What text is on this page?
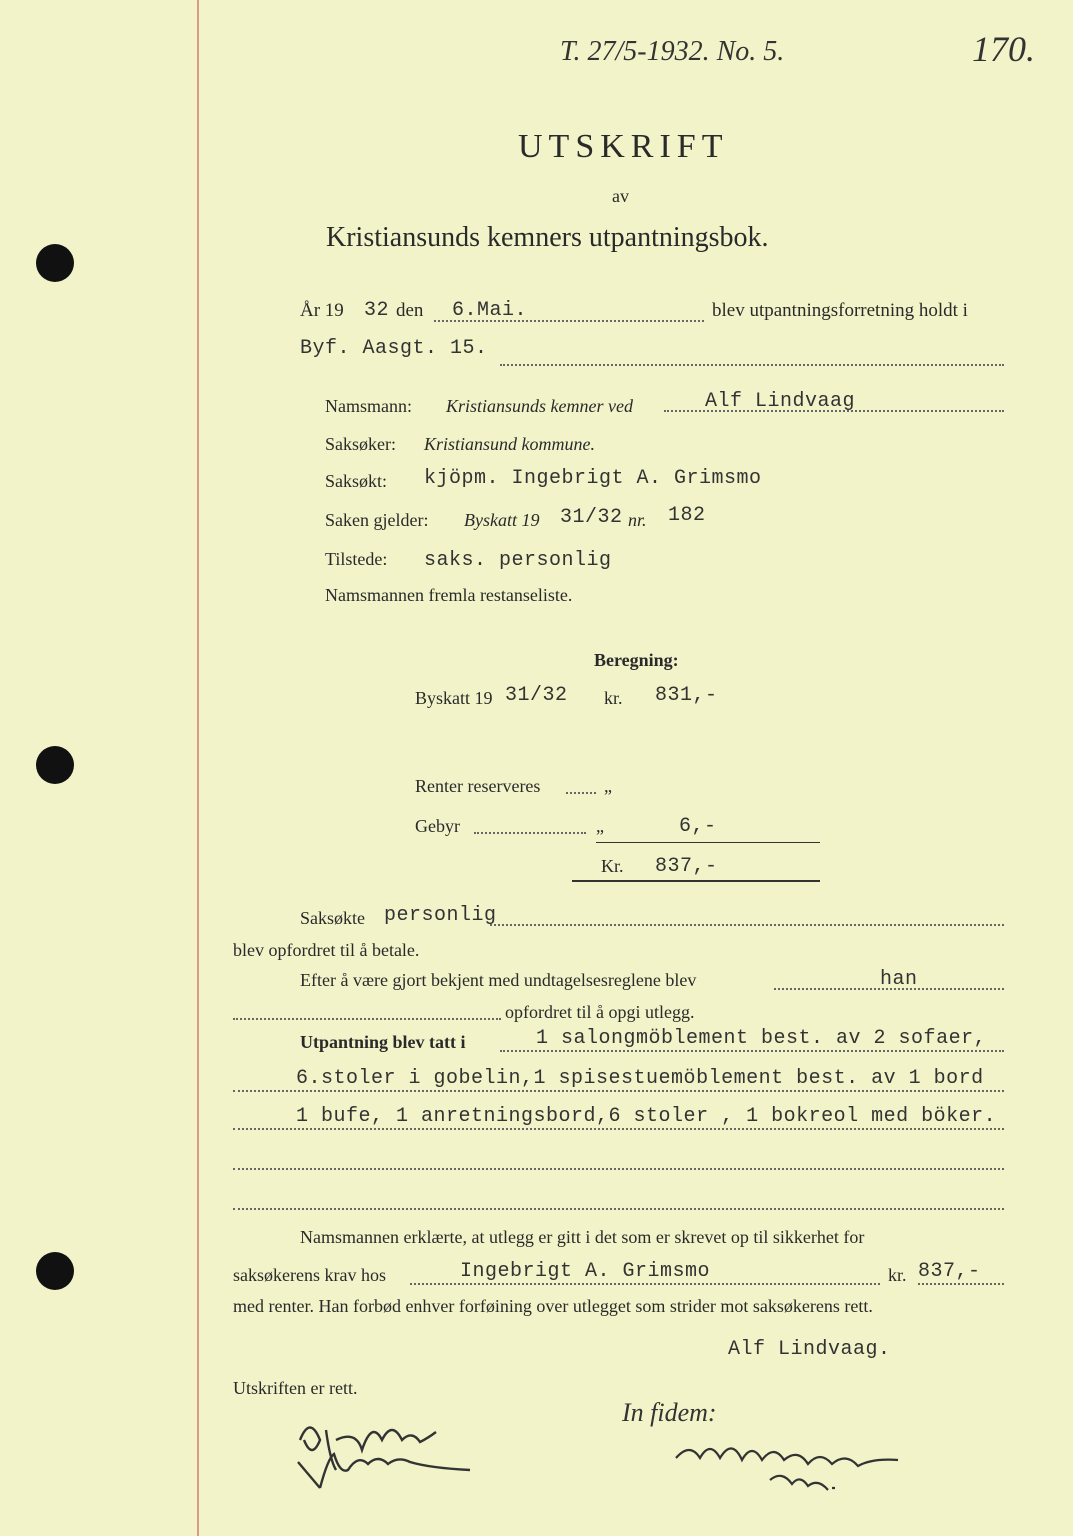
T. 27/5-1932. No. 5.	170.
UTSKRIFT
av
Kristiansunds kemners utpantningsbok.
År 19 32 den 6.Mai.	blev utpantningsforretning holdt i
Byf. Aasgt. 15.
Namsmann: Kristiansunds kemner ved	Alf Lindvaag
Saksøker: Kristiansund kommune.
Saksøkt: kjöpm. Ingebrigt A. Grimsmo
Saken gjelder: Byskatt 19 31/32 nr. 182
Tilstede: saks. personlig
Namsmannen fremla restanseliste.
Beregning:
Byskatt 19 31/32 kr. 831,-
Renter reserveres	„
Gebyr	„	6,-
Kr. 837,-
Saksøkte personlig
blev opfordret til å betale.
Efter å være gjort bekjent med undtagelsesreglene blev	han
opfordret til å opgi utlegg.
Utpantning blev tatt i	1 salongmöblement best. av 2 sofaer,
6.stoler i gobelin,1 spisestuemöblement best. av 1 bord
1 bufe, 1 anretningsbord,6 stoler , 1 bokreol med böker.
Namsmannen erklærte, at utlegg er gitt i det som er skrevet op til sikkerhet for
saksøkerens krav hos	Ingebrigt A. Grimsmo	kr. 837,-
med renter. Han forbød enhver forføining over utlegget som strider mot saksøkerens rett.
Alf Lindvaag.
Utskriften er rett.
In fidem:
